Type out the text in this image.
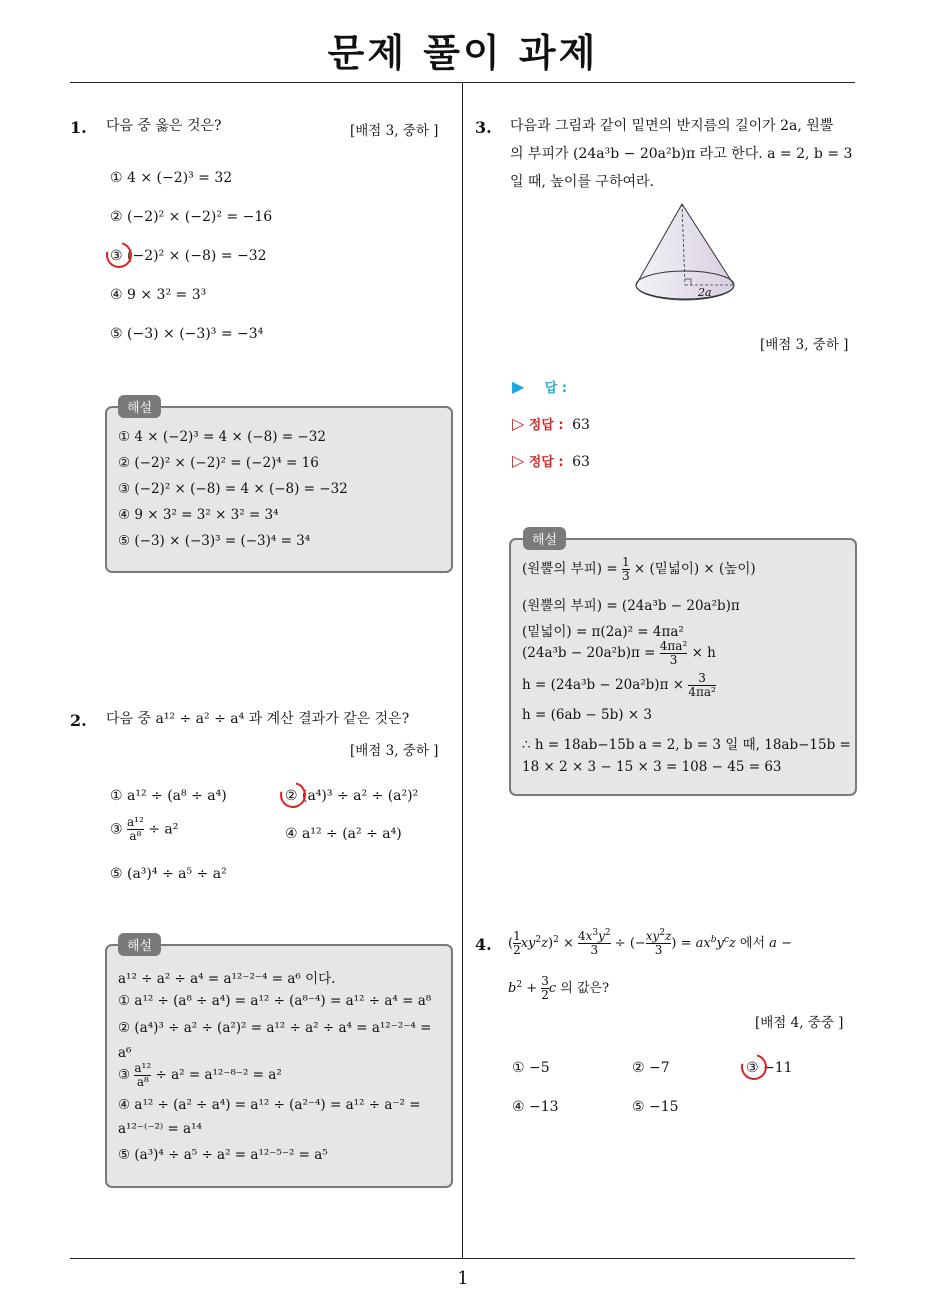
문제 풀이 과제
1
1. 다음 중 옳은 것은?	[배점 3, 중하 ]
① 4 × (−2)³ = 32
② (−2)² × (−2)² = −16
③ (−2)² × (−8) = −32
④ 9 × 3² = 3³
⑤ (−3) × (−3)³ = −3⁴
해설
① 4 × (−2)³ = 4 × (−8) = −32
② (−2)² × (−2)² = (−2)⁴ = 16
③ (−2)² × (−8) = 4 × (−8) = −32
④ 9 × 3² = 3² × 3² = 3⁴
⑤ (−3) × (−3)³ = (−3)⁴ = 3⁴
2. 다음 중 a¹² ÷ a² ÷ a⁴ 과 계산 결과가 같은 것은?
[배점 3, 중하 ]
① a¹² ÷ (a⁸ ÷ a⁴)	② (a⁴)³ ÷ a² ÷ (a²)²
③ $\frac{\text{a¹²}}{\text{a⁸}} \div a^2$	④ a¹² ÷ (a² ÷ a⁴)
⑤ (a³)⁴ ÷ a⁵ ÷ a²
해설
a¹² ÷ a² ÷ a⁴ = a¹²⁻²⁻⁴ = a⁶ 이다.
① a¹² ÷ (a⁸ ÷ a⁴) = a¹² ÷ (a⁸⁻⁴) = a¹² ÷ a⁴ = a⁸
② (a⁴)³ ÷ a² ÷ (a²)² = a¹² ÷ a² ÷ a⁴ = a¹²⁻²⁻⁴ =
a⁶
③ $\frac{\text{a¹²}}{\text{a⁸}} \div a^2 = a^{12-8-2} = a^2$
④ a¹² ÷ (a² ÷ a⁴) = a¹² ÷ (a²⁻⁴) = a¹² ÷ a⁻² =
a¹²⁻⁽⁻²⁾ = a¹⁴
⑤ (a³)⁴ ÷ a⁵ ÷ a² = a¹²⁻⁵⁻² = a⁵
3. 다음과 그림과 같이 밑면의 반지름의 길이가 2a, 원뿔
의 부피가 (24a³b − 20a²b)π 라고 한다. a = 2, b = 3
일 때, 높이를 구하여라.
2a
[배점 3, 중하 ]
▶ 답 :
▷ 정답 : 63
▷ 정답 : 63
해설
(원뿔의 부피) = $\frac{1}{3}$ × (밑넓이) × (높이)
(원뿔의 부피) = (24a³b − 20a²b)π
(밑넓이) = π(2a)² = 4πa²
$(24a^3b - 20a^2b)\pi = \frac{\text{4πa²}}{3} \times h$
$h = (24a^3b - 20a^2b)\pi \times \frac{3}{\text{4πa²}}$
h = (6ab − 5b) × 3
∴ h = 18ab−15b a = 2, b = 3 일 때, 18ab−15b =
18 × 2 × 3 − 15 × 3 = 108 − 45 = 63
4. ( $\frac{1}{2} xy^2z)^2 \times \frac{4x^3y^2}{3}$ ÷ (− $\frac{xy^2z}{3}$ ) = $ax^by^cz$ 에서 a −
$b^2 + \frac{3}{2}$ c 의 값은?
[배점 4, 중중 ]
① −5	② −7	③ −11
④ −13	⑤ −15
